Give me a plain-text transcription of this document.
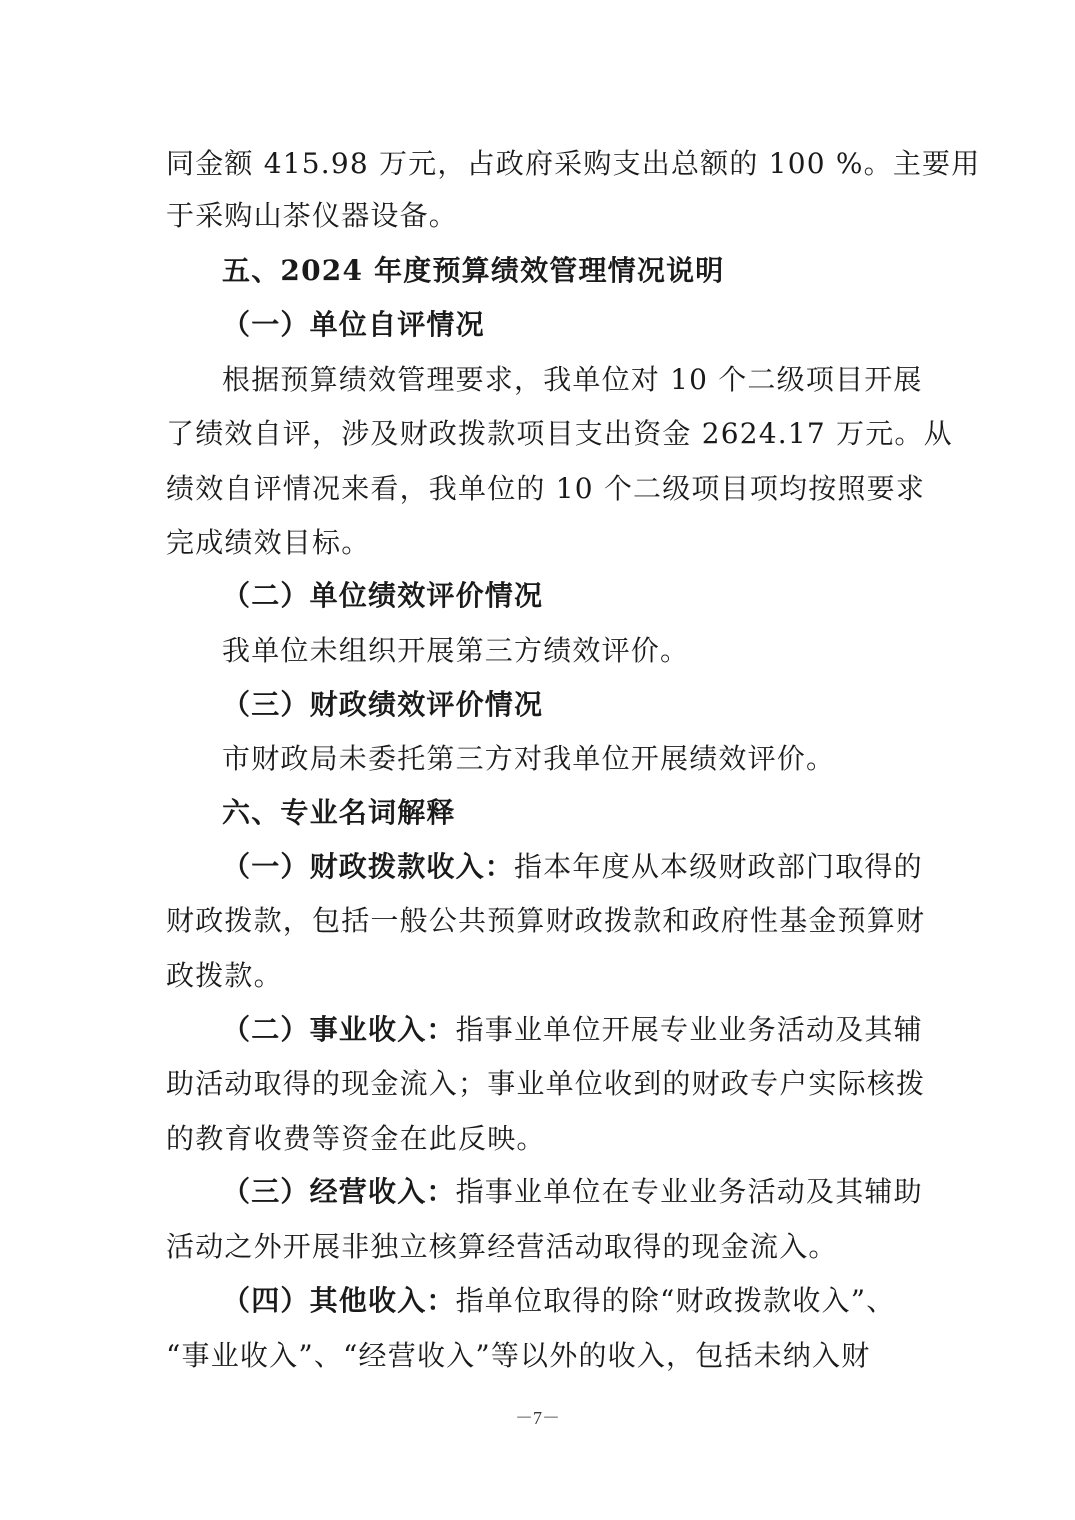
同金额 415.98 万元，占政府采购支出总额的 100 %。主要用
于采购山茶仪器设备。
五、2024 年度预算绩效管理情况说明
（一）单位自评情况
根据预算绩效管理要求，我单位对 10 个二级项目开展
了绩效自评，涉及财政拨款项目支出资金 2624.17 万元。从
绩效自评情况来看，我单位的 10 个二级项目项均按照要求
完成绩效目标。
（二）单位绩效评价情况
我单位未组织开展第三方绩效评价。
（三）财政绩效评价情况
市财政局未委托第三方对我单位开展绩效评价。
六、专业名词解释
（一）财政拨款收入：指本年度从本级财政部门取得的
财政拨款，包括一般公共预算财政拨款和政府性基金预算财
政拨款。
（二）事业收入：指事业单位开展专业业务活动及其辅
助活动取得的现金流入；事业单位收到的财政专户实际核拨
的教育收费等资金在此反映。
（三）经营收入：指事业单位在专业业务活动及其辅助
活动之外开展非独立核算经营活动取得的现金流入。
（四）其他收入：指单位取得的除“财政拨款收入”、
“事业收入”、“经营收入”等以外的收入，包括未纳入财
－7－
